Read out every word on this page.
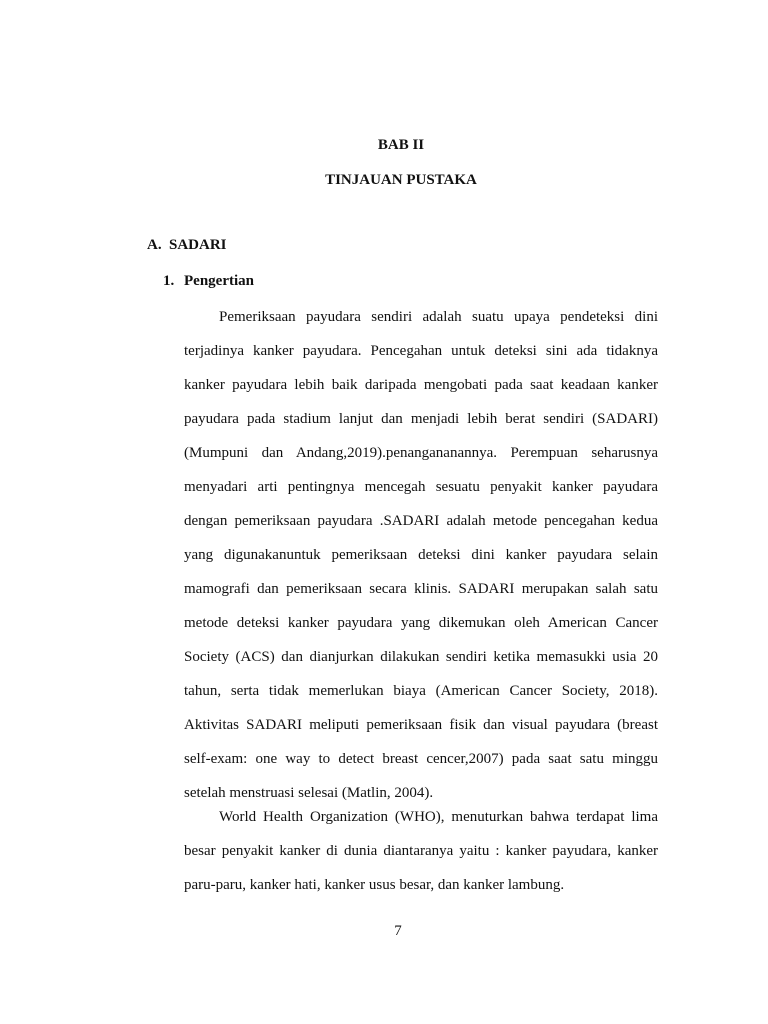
BAB II
TINJAUAN PUSTAKA
A. SADARI
1. Pengertian

Pemeriksaan payudara sendiri adalah suatu upaya pendeteksi dini terjadinya kanker payudara. Pencegahan untuk deteksi sini ada tidaknya kanker payudara lebih baik daripada mengobati pada saat keadaan kanker payudara pada stadium lanjut dan menjadi lebih berat sendiri (SADARI) (Mumpuni dan Andang,2019).penangananannya. Perempuan seharusnya menyadari arti pentingnya mencegah sesuatu penyakit kanker payudara dengan pemeriksaan payudara .SADARI adalah metode pencegahan kedua yang digunakanuntuk pemeriksaan deteksi dini kanker payudara selain mamografi dan pemeriksaan secara klinis. SADARI merupakan salah satu metode deteksi kanker payudara yang dikemukan oleh American Cancer Society (ACS) dan dianjurkan dilakukan sendiri ketika memasukki usia 20 tahun, serta tidak memerlukan biaya (American Cancer Society, 2018). Aktivitas SADARI meliputi pemeriksaan fisik dan visual payudara (breast self-exam: one way to detect breast cencer,2007) pada saat satu minggu setelah menstruasi selesai (Matlin, 2004).

World Health Organization (WHO), menuturkan bahwa terdapat lima besar penyakit kanker di dunia diantaranya yaitu : kanker payudara, kanker paru-paru, kanker hati, kanker usus besar, dan kanker lambung.

7
